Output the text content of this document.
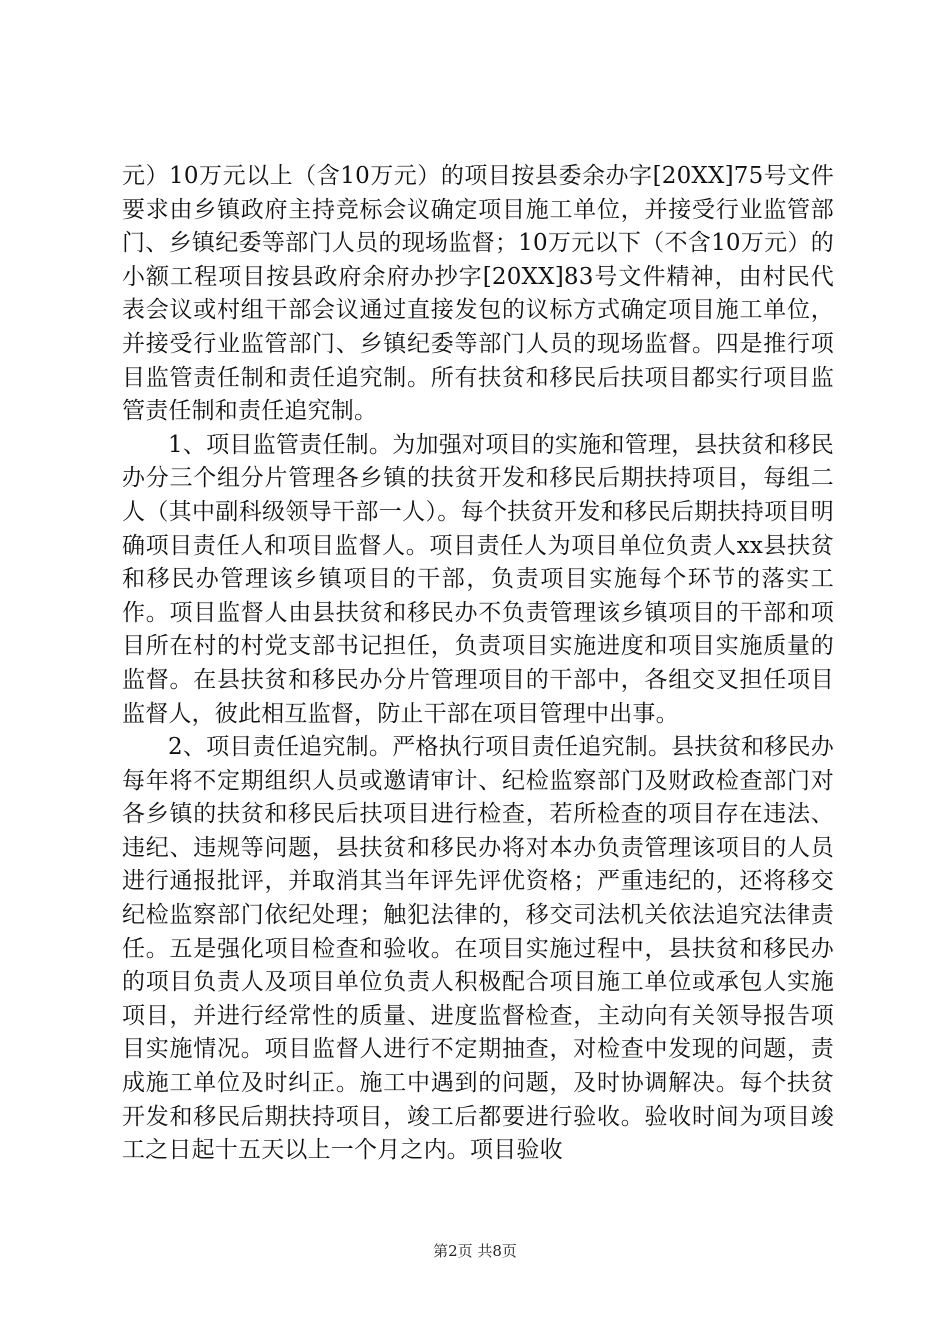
元）10万元以上（含10万元）的项目按县委余办字[20XX]75号文件要求由乡镇政府主持竞标会议确定项目施工单位，并接受行业监管部门、乡镇纪委等部门人员的现场监督；10万元以下（不含10万元）的小额工程项目按县政府余府办抄字[20XX]83号文件精神，由村民代表会议或村组干部会议通过直接发包的议标方式确定项目施工单位，并接受行业监管部门、乡镇纪委等部门人员的现场监督。四是推行项目监管责任制和责任追究制。所有扶贫和移民后扶项目都实行项目监管责任制和责任追究制。

1、项目监管责任制。为加强对项目的实施和管理，县扶贫和移民办分三个组分片管理各乡镇的扶贫开发和移民后期扶持项目，每组二人（其中副科级领导干部一人）。每个扶贫开发和移民后期扶持项目明确项目责任人和项目监督人。项目责任人为项目单位负责人xx县扶贫和移民办管理该乡镇项目的干部，负责项目实施每个环节的落实工作。项目监督人由县扶贫和移民办不负责管理该乡镇项目的干部和项目所在村的村党支部书记担任，负责项目实施进度和项目实施质量的监督。在县扶贫和移民办分片管理项目的干部中，各组交叉担任项目监督人，彼此相互监督，防止干部在项目管理中出事。

2、项目责任追究制。严格执行项目责任追究制。县扶贫和移民办每年将不定期组织人员或邀请审计、纪检监察部门及财政检查部门对各乡镇的扶贫和移民后扶项目进行检查，若所检查的项目存在违法、违纪、违规等问题，县扶贫和移民办将对本办负责管理该项目的人员进行通报批评，并取消其当年评先评优资格；严重违纪的，还将移交纪检监察部门依纪处理；触犯法律的，移交司法机关依法追究法律责任。五是强化项目检查和验收。在项目实施过程中，县扶贫和移民办的项目负责人及项目单位负责人积极配合项目施工单位或承包人实施项目，并进行经常性的质量、进度监督检查，主动向有关领导报告项目实施情况。项目监督人进行不定期抽查，对检查中发现的问题，责成施工单位及时纠正。施工中遇到的问题，及时协调解决。每个扶贫开发和移民后期扶持项目，竣工后都要进行验收。验收时间为项目竣工之日起十五天以上一个月之内。项目验收

第2页 共8页
